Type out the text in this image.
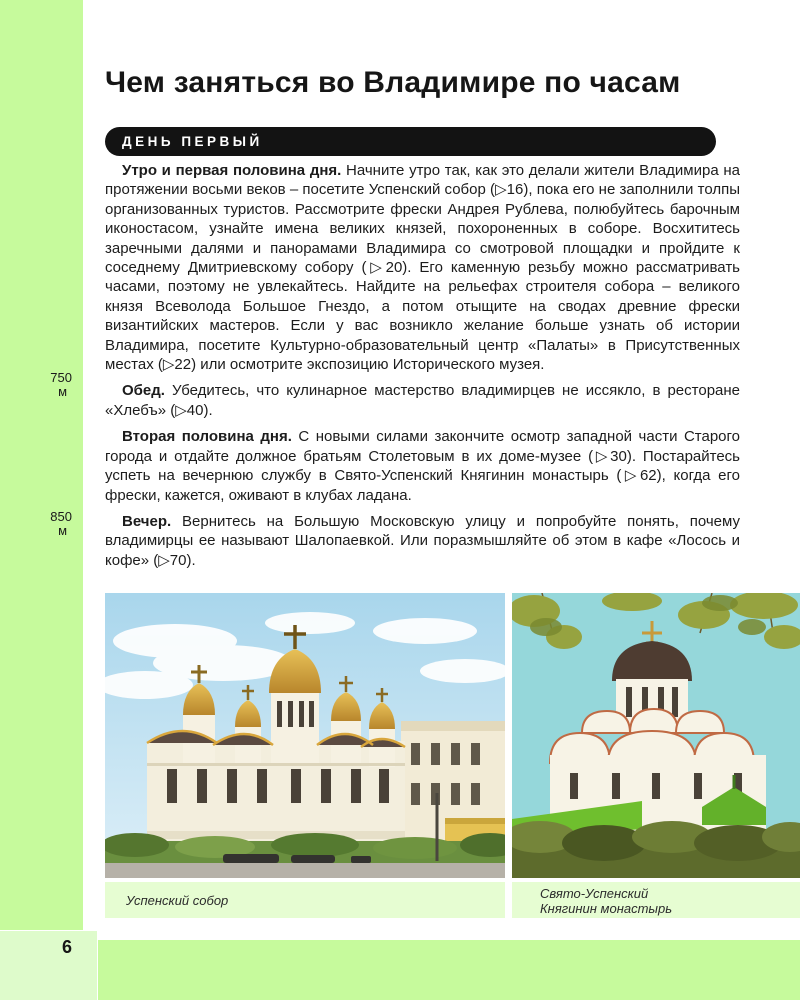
750
м
850
м
Чем заняться во Владимире по часам
ДЕНЬ ПЕРВЫЙ

Утро и первая половина дня. Начните утро так, как это делали жители Владимира на протяжении восьми веков – посетите Успенский собор (▷16), пока его не заполнили толпы организованных туристов. Рассмотрите фрески Андрея Рублева, полюбуйтесь барочным иконостасом, узнайте имена великих князей, похороненных в соборе. Восхититесь заречными далями и панорамами Владимира со смотровой площадки и пройдите к соседнему Дмитриевскому собору (▷20). Его каменную резьбу можно рассматривать часами, поэтому не увлекайтесь. Найдите на рельефах строителя собора – великого князя Всеволода Большое Гнездо, а потом отыщите на сводах древние фрески византийских мастеров. Если у вас возникло желание больше узнать об истории Владимира, посетите Культурно-образовательный центр «Палаты» в Присутственных местах (▷22) или осмотрите экспозицию Исторического музея.

Обед. Убедитесь, что кулинарное мастерство владимирцев не иссякло, в ресторане «Хлебъ» (▷40).

Вторая половина дня. С новыми силами закончите осмотр западной части Старого города и отдайте должное братьям Столетовым в их доме-музее (▷30). Постарайтесь успеть на вечернюю службу в Свято-Успенский Княгинин монастырь (▷62), когда его фрески, кажется, оживают в клубах ладана.

Вечер. Вернитесь на Большую Московскую улицу и попробуйте понять, почему владимирцы ее называют Шалопаевкой. Или поразмышляйте об этом в кафе «Лосось и кофе» (▷70).

Успенский собор	Свято-Успенский
Княгинин монастырь
6
